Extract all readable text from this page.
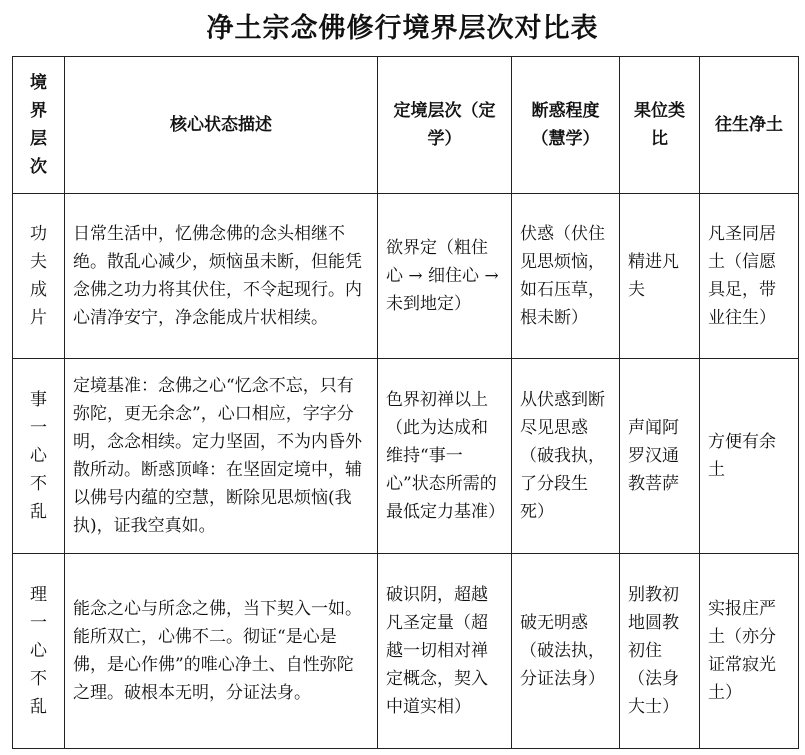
净土宗念佛修行境界层次对比表
境界层次	核心状态描述	定境层次（定学）	断惑程度（慧学）	果位类比	往生净土

功夫成片	日常生活中，忆佛念佛的念头相继不绝。散乱心减少，烦恼虽未断，但能凭念佛之功力将其伏住，不令起现行。内心清净安宁，净念能成片状相续。	欲界定（粗住心 → 细住心 → 未到地定）	伏惑（伏住见思烦恼，如石压草，根未断）	精进凡夫	凡圣同居土（信愿具足，带业往生）

事一心不乱	定境基准：念佛之心“忆念不忘，只有弥陀，更无余念”，心口相应，字字分明，念念相续。定力坚固，不为内昏外散所动。断惑顶峰：在坚固定境中，辅以佛号内蕴的空慧，断除见思烦恼(我执)，证我空真如。	色界初禅以上（此为达成和维持“事一心”状态所需的最低定力基准）	从伏惑到断尽见思惑（破我执，了分段生死）	声闻阿罗汉通教菩萨	方便有余土

理一心不乱	能念之心与所念之佛，当下契入一如。能所双亡，心佛不二。彻证“是心是佛，是心作佛”的唯心净土、自性弥陀之理。破根本无明，分证法身。	破识阴，超越凡圣定量（超越一切相对禅定概念，契入中道实相）	破无明惑（破法执，分证法身）	别教初地圆教初住（法身大士）	实报庄严土（亦分证常寂光土）
